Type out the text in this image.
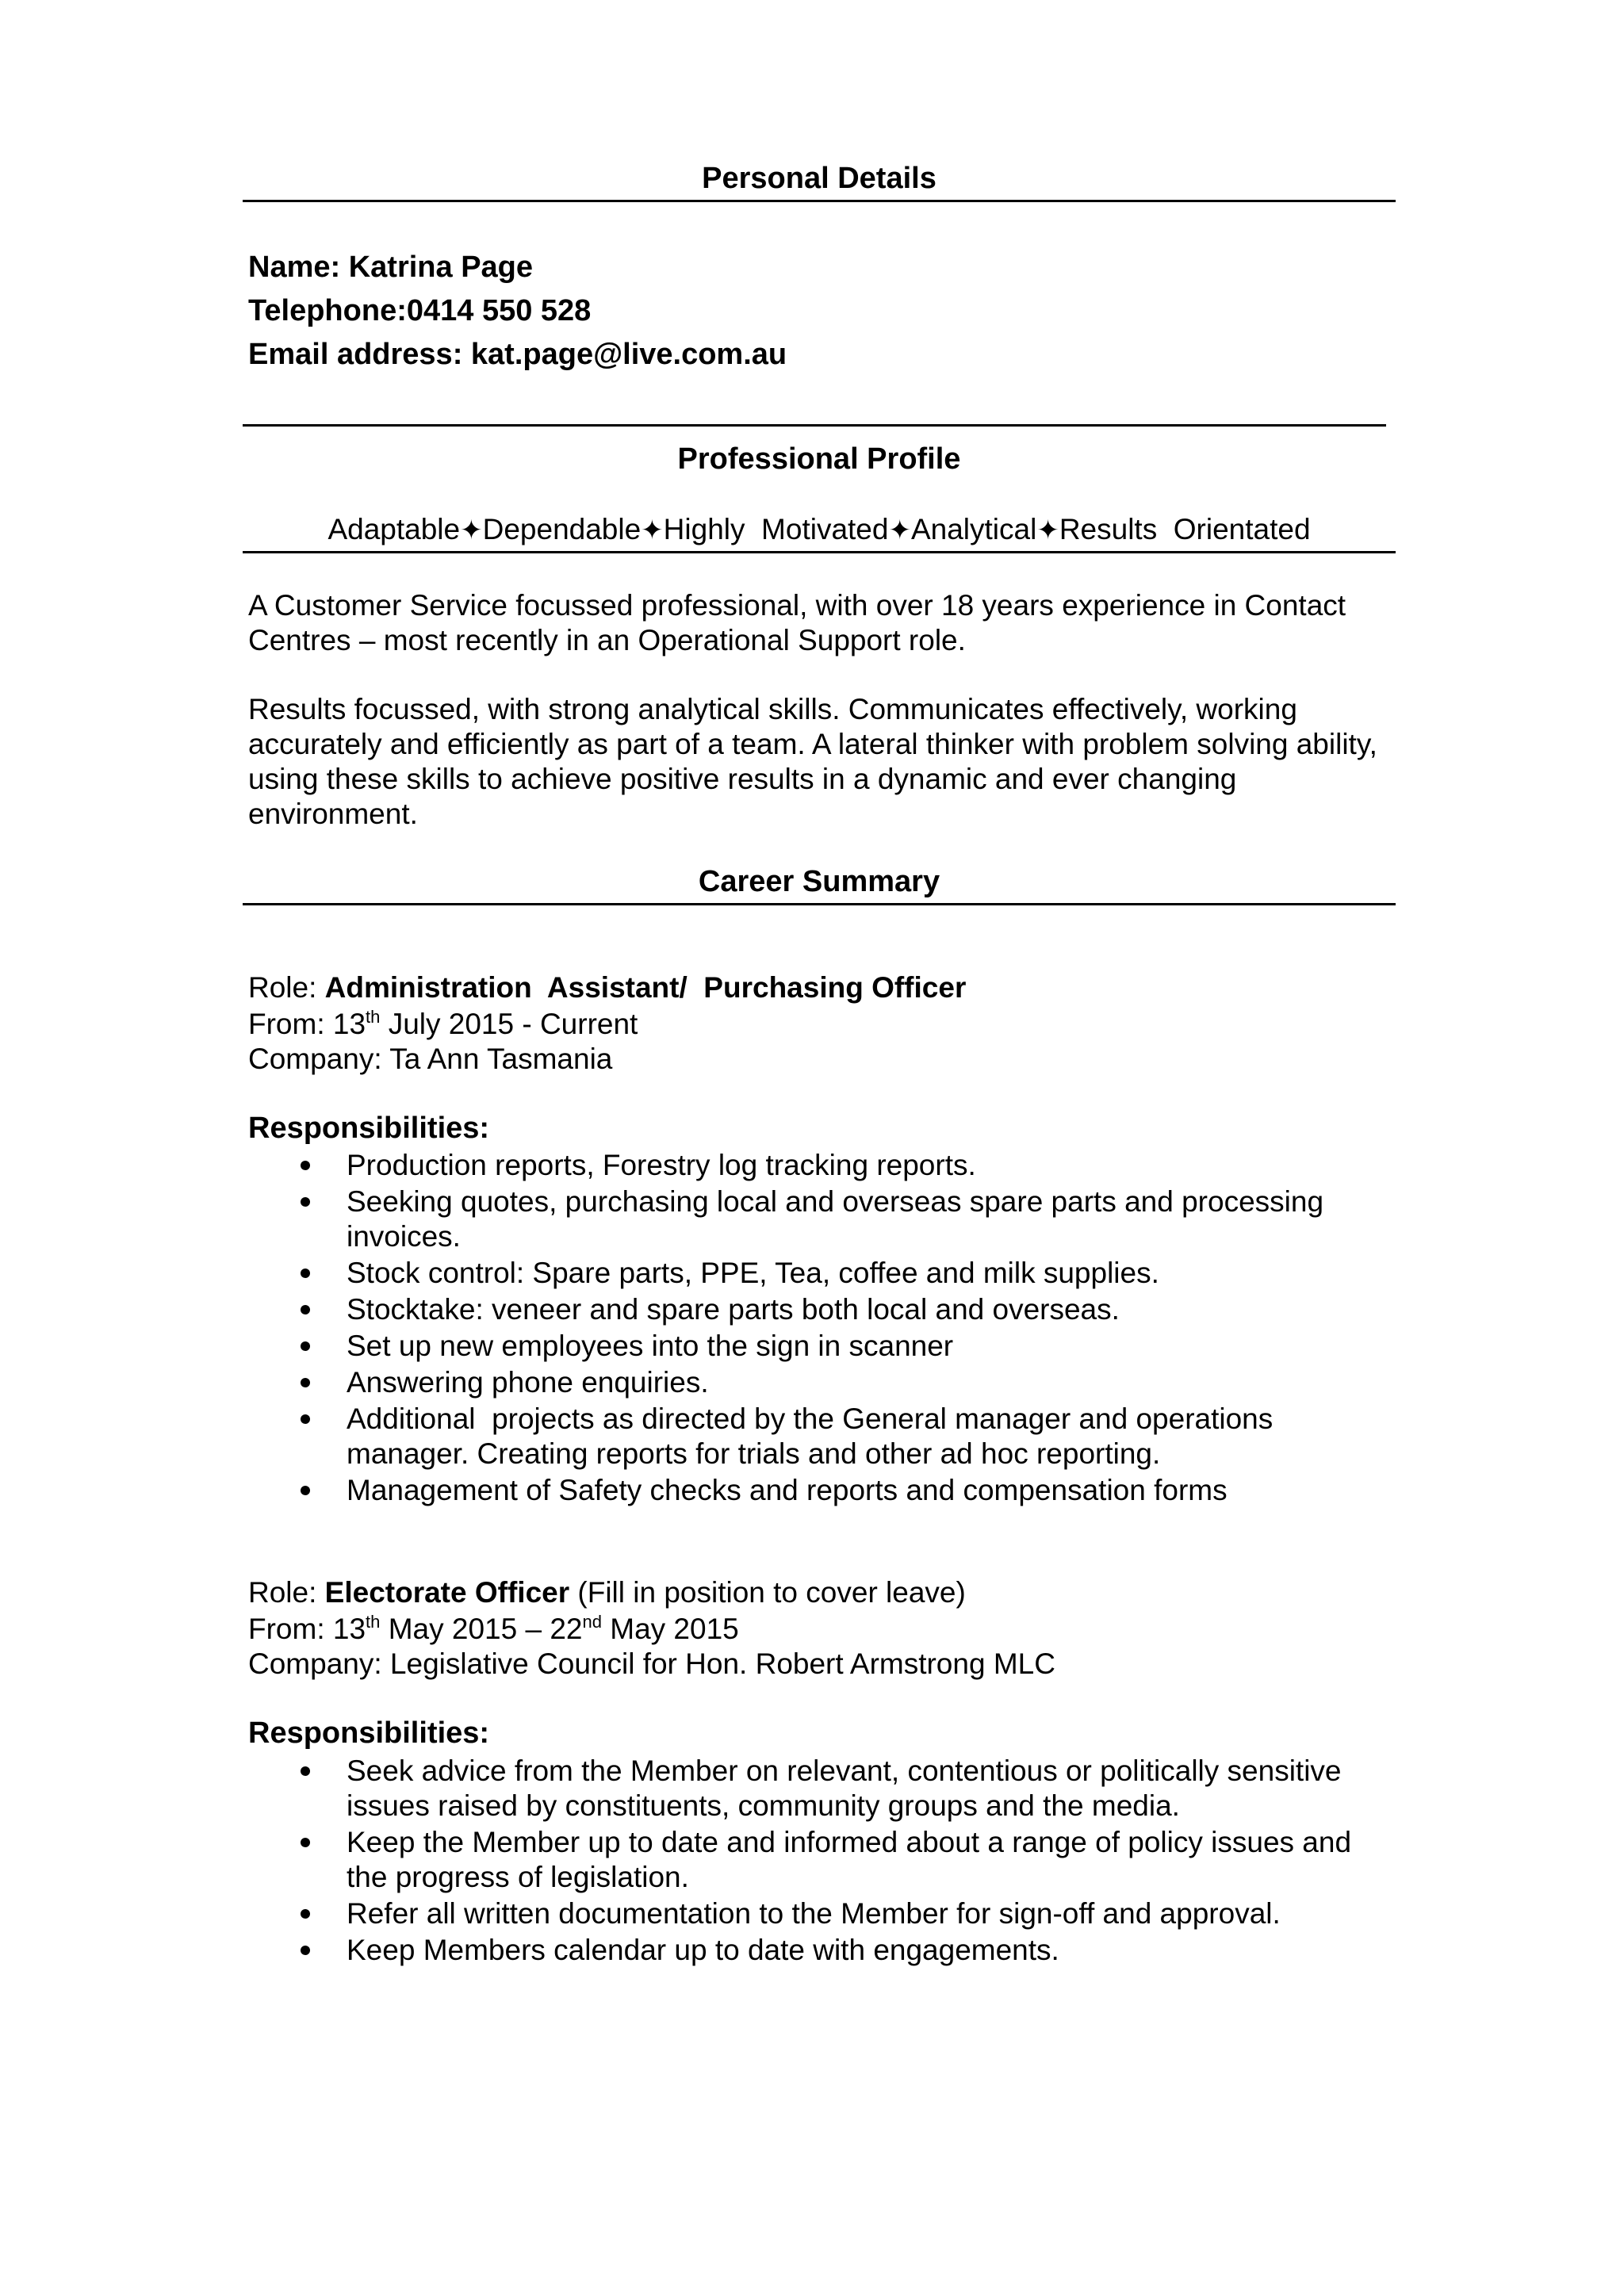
Personal Details
Name: Katrina Page
Telephone:0414 550 528
Email address: kat.page@live.com.au
Professional Profile
Adaptable✦Dependable✦Highly  Motivated✦Analytical✦Results  Orientated
A Customer Service focussed professional, with over 18 years experience in Contact Centres – most recently in an Operational Support role.
Results focussed, with strong analytical skills. Communicates effectively, working accurately and efficiently as part of a team. A lateral thinker with problem solving ability, using these skills to achieve positive results in a dynamic and ever changing environment.
Career Summary
Role: Administration  Assistant/  Purchasing Officer
From: 13th July 2015 - Current
Company: Ta Ann Tasmania
Responsibilities:
Production reports, Forestry log tracking reports.
Seeking quotes, purchasing local and overseas spare parts and processing invoices.
Stock control: Spare parts, PPE, Tea, coffee and milk supplies.
Stocktake: veneer and spare parts both local and overseas.
Set up new employees into the sign in scanner
Answering phone enquiries.
Additional  projects as directed by the General manager and operations manager. Creating reports for trials and other ad hoc reporting.
Management of Safety checks and reports and compensation forms
Role: Electorate Officer (Fill in position to cover leave)
From: 13th May 2015 – 22nd May 2015
Company: Legislative Council for Hon. Robert Armstrong MLC
Responsibilities:
Seek advice from the Member on relevant, contentious or politically sensitive issues raised by constituents, community groups and the media.
Keep the Member up to date and informed about a range of policy issues and the progress of legislation.
Refer all written documentation to the Member for sign-off and approval.
Keep Members calendar up to date with engagements.
